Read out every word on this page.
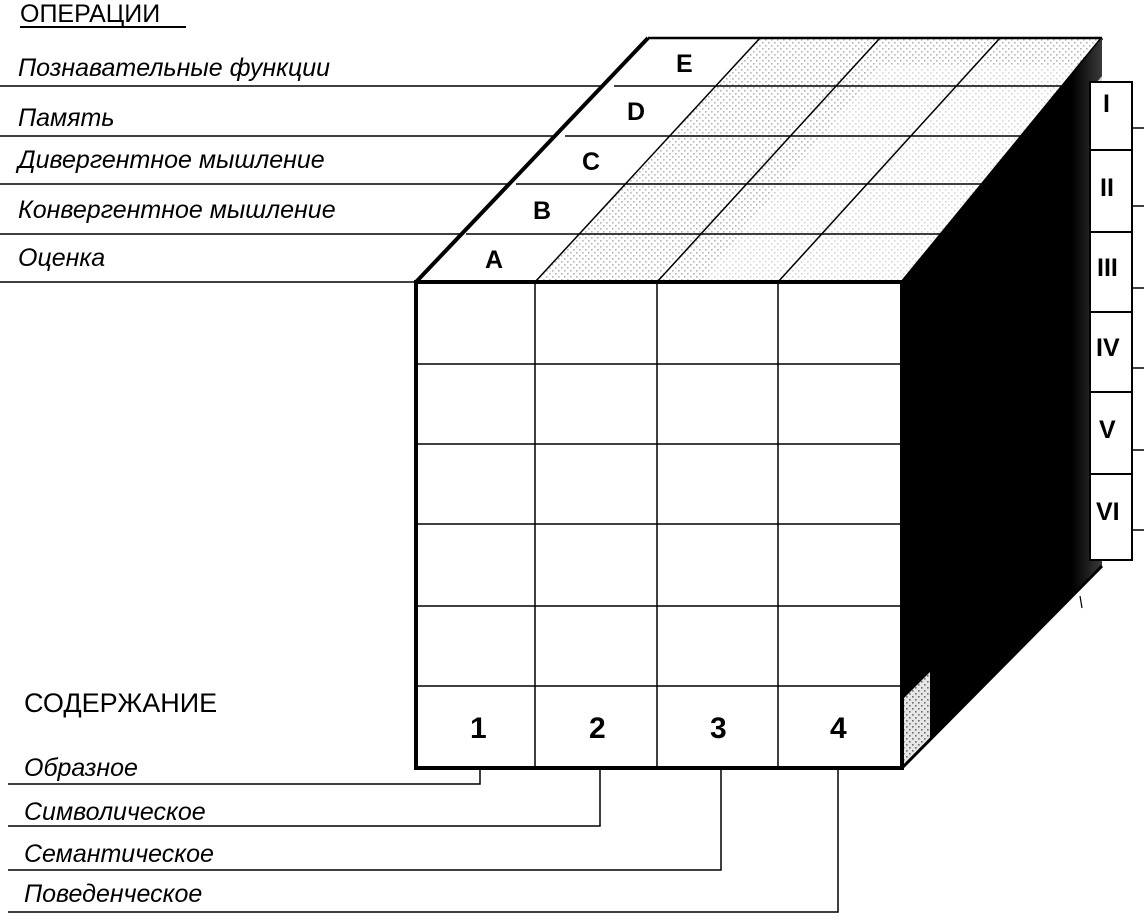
ОПЕРАЦИИ
Познавательные функции
Память
Дивергентное мышление
Конвергентное мышление
Оценка
E
D
C
B
A
I
II
III
IV
V
VI
1	2	3	4
СОДЕРЖАНИЕ
Образное
Символическое
Семантическое
Поведенческое
